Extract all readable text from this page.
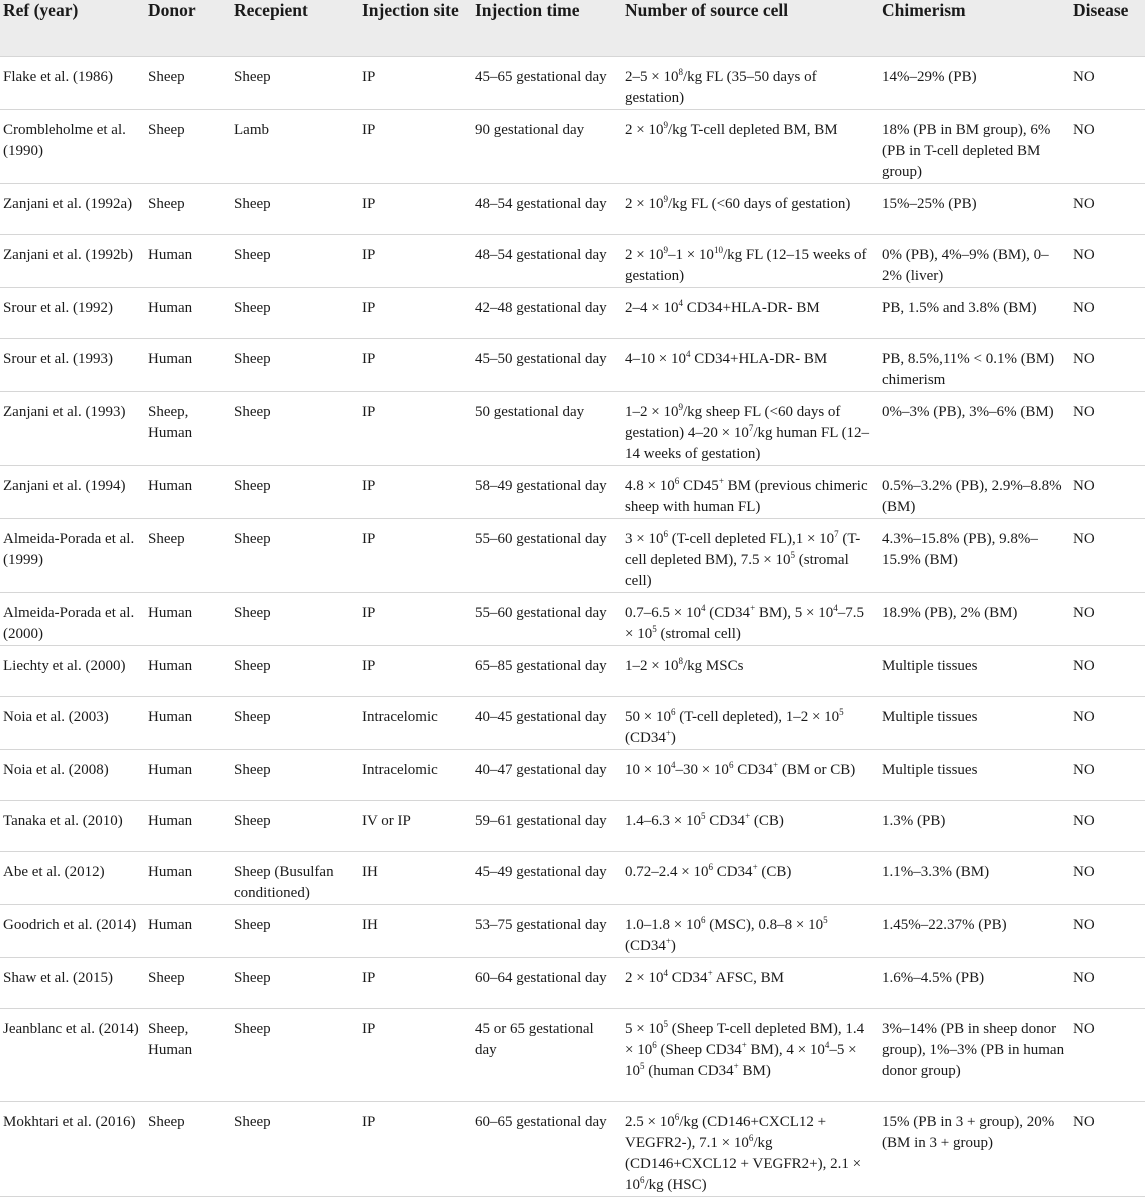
Ref (year)	Donor	Recepient	Injection site	Injection time	Number of source cell	Chimerism	Disease

Flake et al. (1986)	Sheep	Sheep	IP	45–65 gestational day	$2-5 \times 10^8/kg$ FL (35–50 days of gestation)	14%–29% (PB)	NO

Crombleholme et al. (1990)	Sheep	Lamb	IP	90 gestational day	$2 \times 10^9/kg$ T-cell depleted BM, BM	18% (PB in BM group), 6% (PB in T-cell depleted BM group)	NO

Zanjani et al. (1992a)	Sheep	Sheep	IP	48–54 gestational day	$2 \times 10^9/kg$ FL (<60 days of gestation)	15%–25% (PB)	NO

Zanjani et al. (1992b)	Human	Sheep	IP	48–54 gestational day	$2 \times 10^9-1 \times 10^{10}/kg$ FL (12–15 weeks of gestation)	0% (PB), 4%–9% (BM), 0–2% (liver)	NO

Srour et al. (1992)	Human	Sheep	IP	42–48 gestational day	$2-4 \times 10^4$ CD34+HLA-DR- BM	PB, 1.5% and 3.8% (BM)	NO

Srour et al. (1993)	Human	Sheep	IP	45–50 gestational day	$4-10 \times 10^4$ CD34+HLA-DR- BM	PB, 8.5%,11% < 0.1% (BM) chimerism	NO

Zanjani et al. (1993)	Sheep, Human	Sheep	IP	50 gestational day	$1-2 \times 10^9/kg$ sheep FL (<60 days of gestation) $4-20 \times 10^7/kg$ human FL (12–14 weeks of gestation)	0%–3% (PB), 3%–6% (BM)	NO

Zanjani et al. (1994)	Human	Sheep	IP	58–49 gestational day	$4.8 \times 10^6$ CD45+ BM (previous chimeric sheep with human FL)	0.5%–3.2% (PB), 2.9%–8.8% (BM)	NO

Almeida-Porada et al. (1999)	Sheep	Sheep	IP	55–60 gestational day	$3 \times 10^6$ (T-cell depleted $FL),1 \times 10^7$ (T-cell depleted BM), $7.5 \times 10^5$ (stromal cell)	4.3%–15.8% (PB), 9.8%–15.9% (BM)	NO

Almeida-Porada et al. (2000)	Human	Sheep	IP	55–60 gestational day	$0.7-6.5 \times 10^4$ (CD34+ BM), $5 \times 10^4-7.5 \times 10^5$ (stromal cell)	18.9% (PB), 2% (BM)	NO

Liechty et al. (2000)	Human	Sheep	IP	65–85 gestational day	$1-2 \times 10^8/kg$ MSCs	Multiple tissues	NO

Noia et al. (2003)	Human	Sheep	Intracelomic	40–45 gestational day	$50 \times 10^6$ (T-cell depleted), $1-2 \times 10^5$ (CD34+)	Multiple tissues	NO

Noia et al. (2008)	Human	Sheep	Intracelomic	40–47 gestational day	$10 \times 10^4-30 \times 10^6$ CD34+ (BM or CB)	Multiple tissues	NO

Tanaka et al. (2010)	Human	Sheep	IV or IP	59–61 gestational day	$1.4-6.3 \times 10^5$ CD34+ (CB)	1.3% (PB)	NO

Abe et al. (2012)	Human	Sheep (Busulfan conditioned)	IH	45–49 gestational day	$0.72-2.4 \times 10^6$ CD34+ (CB)	1.1%–3.3% (BM)	NO

Goodrich et al. (2014)	Human	Sheep	IH	53–75 gestational day	$1.0-1.8 \times 10^6$ (MSC), $0.8-8 \times 10^5$ (CD34+)	1.45%–22.37% (PB)	NO

Shaw et al. (2015)	Sheep	Sheep	IP	60–64 gestational day	$2 \times 10^4$ CD34+ AFSC, BM	1.6%–4.5% (PB)	NO

Jeanblanc et al. (2014)	Sheep, Human	Sheep	IP	45 or 65 gestational day	$5 \times 10^5$ (Sheep T-cell depleted BM), $1.4 \times 10^6$ (Sheep CD34+ BM), $4 \times 10^4-5 \times 10^5$ (human CD34+ BM)	3%–14% (PB in sheep donor group), 1%–3% (PB in human donor group)	NO

Mokhtari et al. (2016)	Sheep	Sheep	IP	60–65 gestational day	$2.5 \times 10^6/kg$ (CD146+CXCL12 + VEGFR2-), $7.1 \times 10^6/kg$ (CD146+CXCL12 + VEGFR2+), $2.1 \times 10^6/kg$ (HSC)	15% (PB in 3 + group), 20% (BM in 3 + group)	NO
